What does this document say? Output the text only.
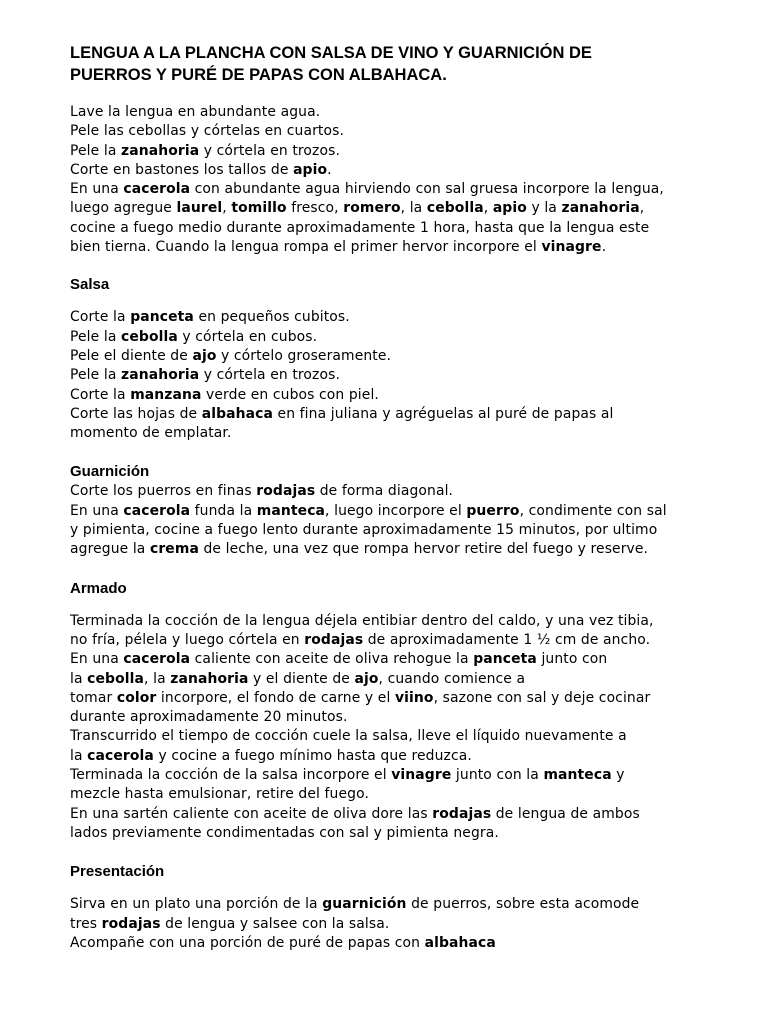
LENGUA A LA PLANCHA CON SALSA DE VINO Y GUARNICIÓN DE
PUERROS Y PURÉ DE PAPAS CON ALBAHACA.

Lave la lengua en abundante agua.
Pele las cebollas y córtelas en cuartos.
Pele la zanahoria y córtela en trozos.
Corte en bastones los tallos de apio.
En una cacerola con abundante agua hirviendo con sal gruesa incorpore la lengua,
luego agregue laurel, tomillo fresco, romero, la cebolla, apio y la zanahoria,
cocine a fuego medio durante aproximadamente 1 hora, hasta que la lengua este
bien tierna. Cuando la lengua rompa el primer hervor incorpore el vinagre.

Salsa

Corte la panceta en pequeños cubitos.
Pele la cebolla y córtela en cubos.
Pele el diente de ajo y córtelo groseramente.
Pele la zanahoria y córtela en trozos.
Corte la manzana verde en cubos con piel.
Corte las hojas de albahaca en fina juliana y agréguelas al puré de papas al
momento de emplatar.

Guarnición

Corte los puerros en finas rodajas de forma diagonal.
En una cacerola funda la manteca, luego incorpore el puerro, condimente con sal
y pimienta, cocine a fuego lento durante aproximadamente 15 minutos, por ultimo
agregue la crema de leche, una vez que rompa hervor retire del fuego y reserve.

Armado

Terminada la cocción de la lengua déjela entibiar dentro del caldo, y una vez tibia,
no fría, pélela y luego córtela en rodajas de aproximadamente 1 ½ cm de ancho.
En una cacerola caliente con aceite de oliva rehogue la panceta junto con
la cebolla, la zanahoria y el diente de ajo, cuando comience a
tomar color incorpore, el fondo de carne y el viino, sazone con sal y deje cocinar
durante aproximadamente 20 minutos.
Transcurrido el tiempo de cocción cuele la salsa, lleve el líquido nuevamente a
la cacerola y cocine a fuego mínimo hasta que reduzca.
Terminada la cocción de la salsa incorpore el vinagre junto con la manteca y
mezcle hasta emulsionar, retire del fuego.
En una sartén caliente con aceite de oliva dore las rodajas de lengua de ambos
lados previamente condimentadas con sal y pimienta negra.

Presentación

Sirva en un plato una porción de la guarnición de puerros, sobre esta acomode
tres rodajas de lengua y salsee con la salsa.
Acompañe con una porción de puré de papas con albahaca
